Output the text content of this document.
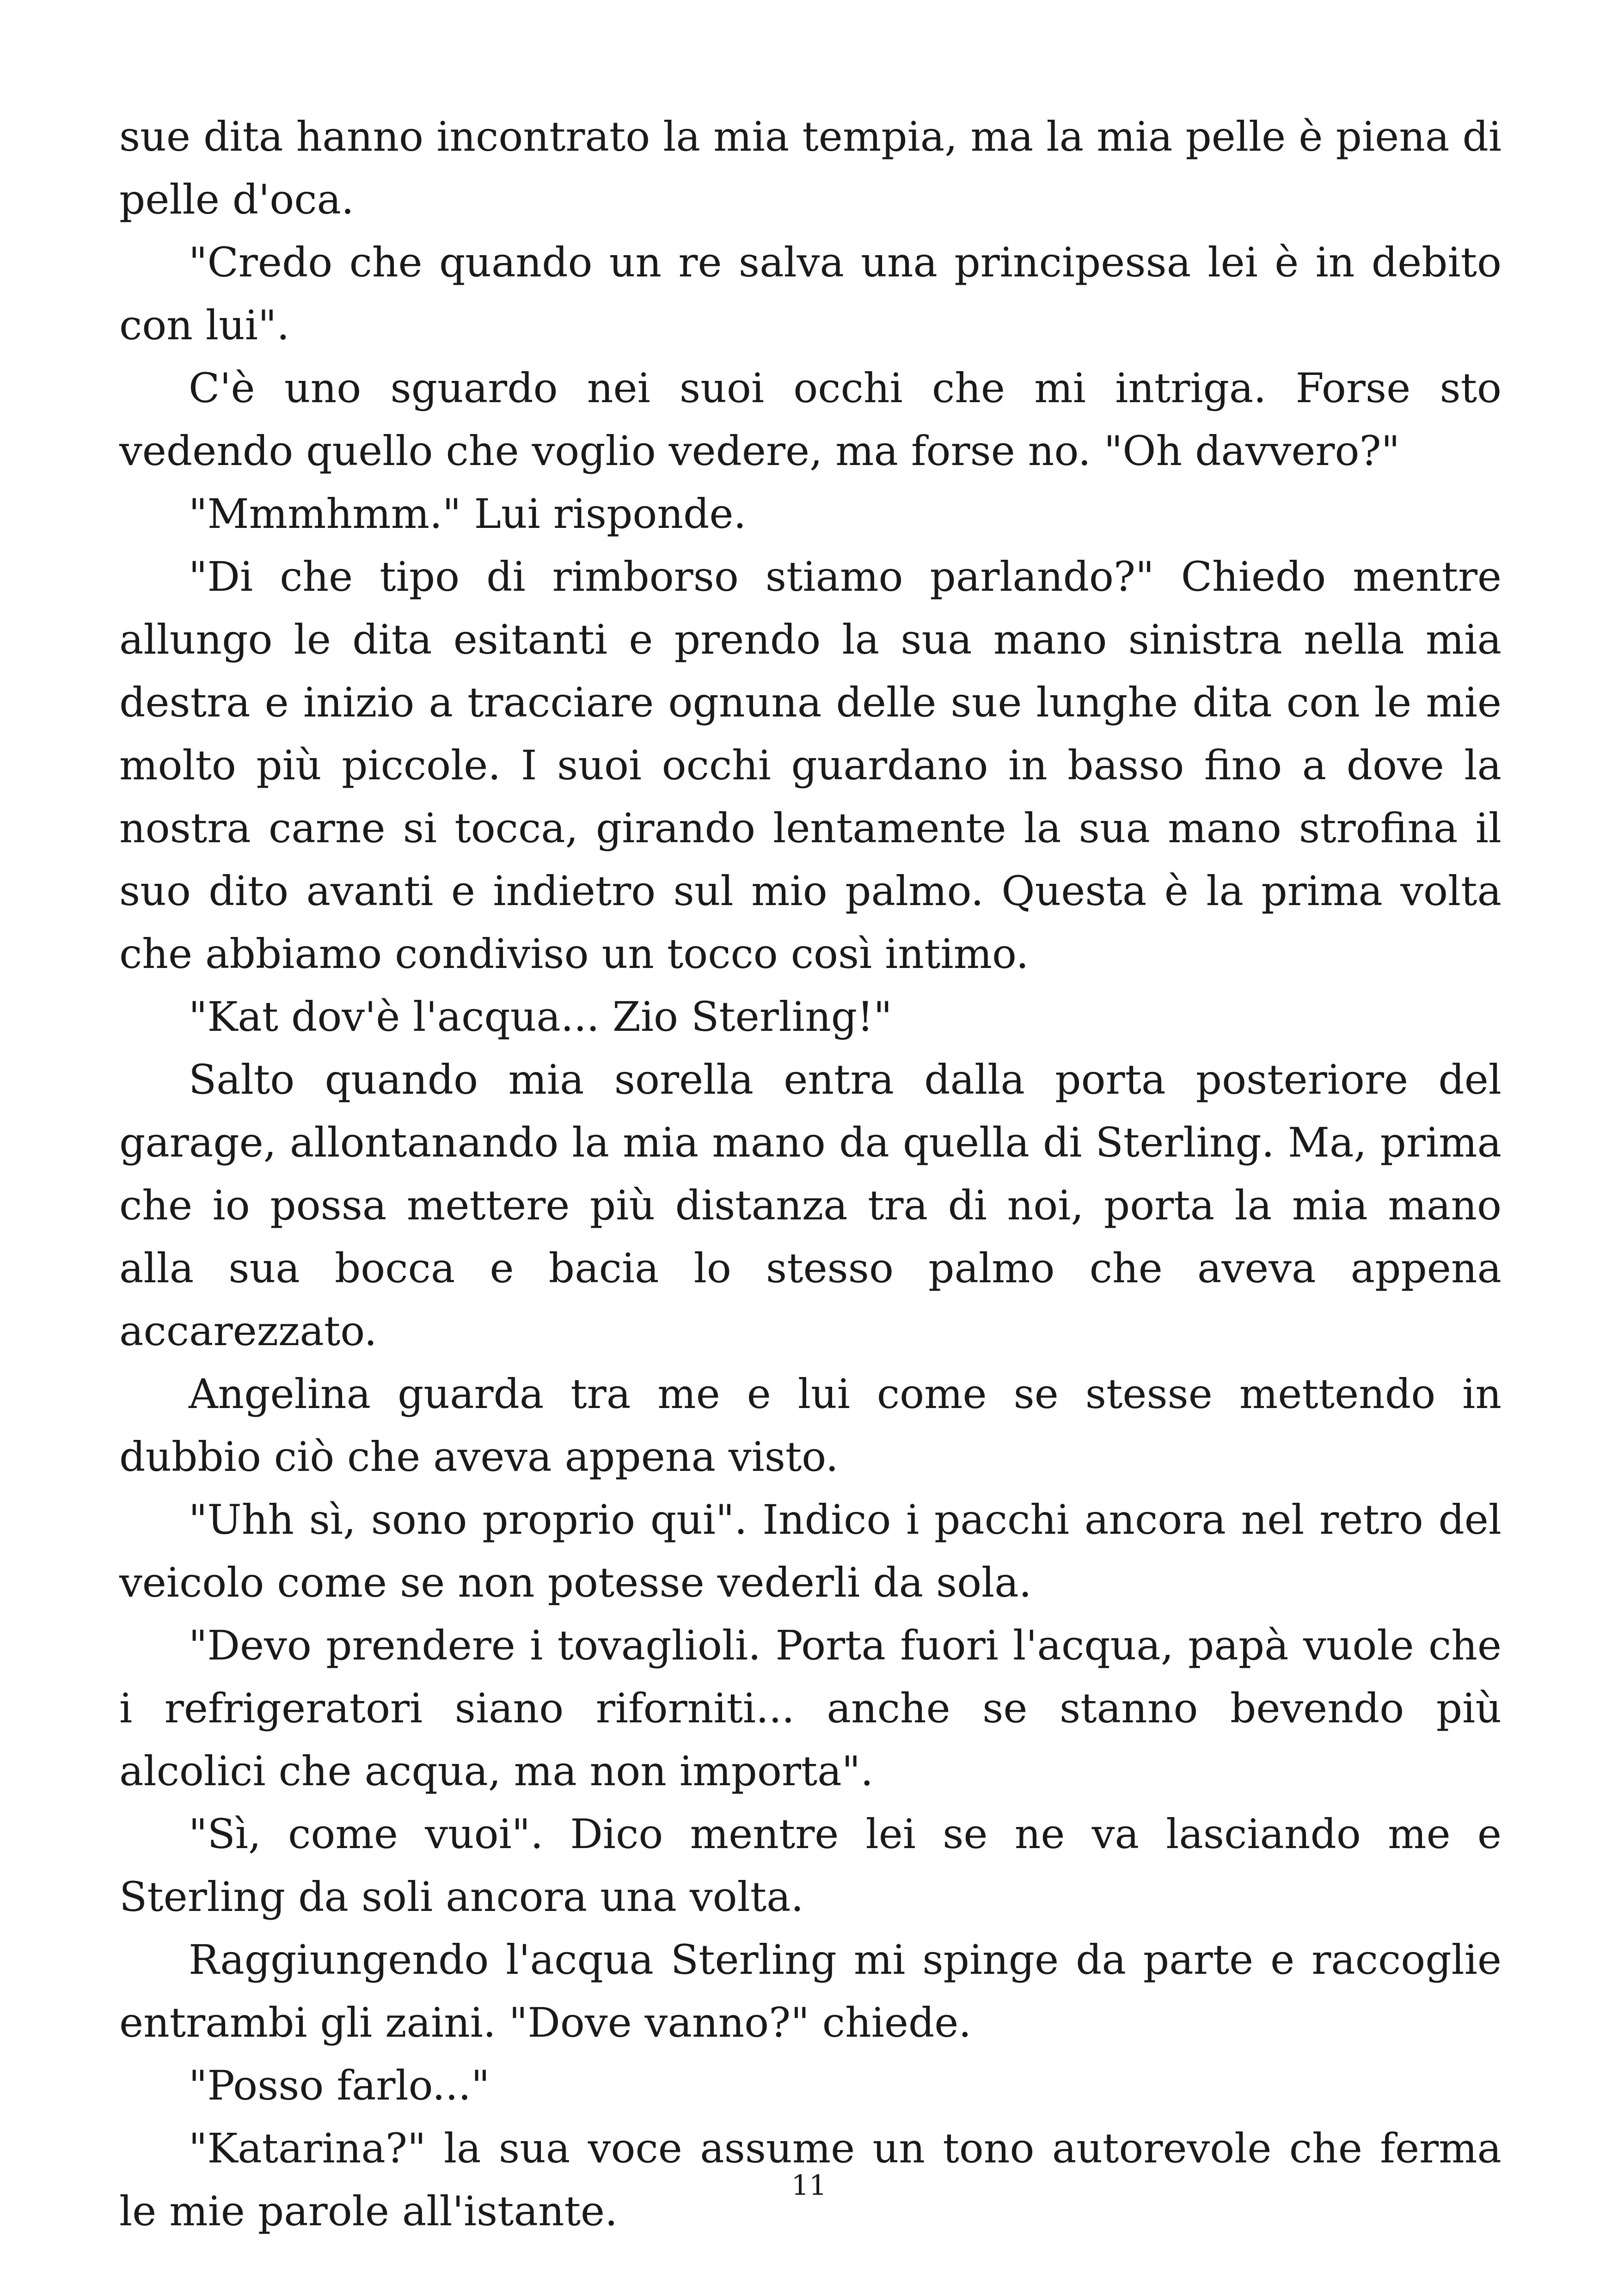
sue dita hanno incontrato la mia tempia, ma la mia pelle è piena di pelle d'oca.

"Credo che quando un re salva una principessa lei è in debito con lui".

C'è uno sguardo nei suoi occhi che mi intriga. Forse sto vedendo quello che voglio vedere, ma forse no. "Oh davvero?"

"Mmmhmm." Lui risponde.

"Di che tipo di rimborso stiamo parlando?" Chiedo mentre allungo le dita esitanti e prendo la sua mano sinistra nella mia destra e inizio a tracciare ognuna delle sue lunghe dita con le mie molto più piccole. I suoi occhi guardano in basso fino a dove la nostra carne si tocca, girando lentamente la sua mano strofina il suo dito avanti e indietro sul mio palmo. Questa è la prima volta che abbiamo condiviso un tocco così intimo.

"Kat dov'è l'acqua... Zio Sterling!"

Salto quando mia sorella entra dalla porta posteriore del garage, allontanando la mia mano da quella di Sterling. Ma, prima che io possa mettere più distanza tra di noi, porta la mia mano alla sua bocca e bacia lo stesso palmo che aveva appena accarezzato.

Angelina guarda tra me e lui come se stesse mettendo in dubbio ciò che aveva appena visto.

"Uhh sì, sono proprio qui". Indico i pacchi ancora nel retro del veicolo come se non potesse vederli da sola.

"Devo prendere i tovaglioli. Porta fuori l'acqua, papà vuole che i refrigeratori siano riforniti... anche se stanno bevendo più alcolici che acqua, ma non importa".

"Sì, come vuoi". Dico mentre lei se ne va lasciando me e Sterling da soli ancora una volta.

Raggiungendo l'acqua Sterling mi spinge da parte e raccoglie entrambi gli zaini. "Dove vanno?" chiede.

"Posso farlo..."

"Katarina?" la sua voce assume un tono autorevole che ferma le mie parole all'istante.

11
